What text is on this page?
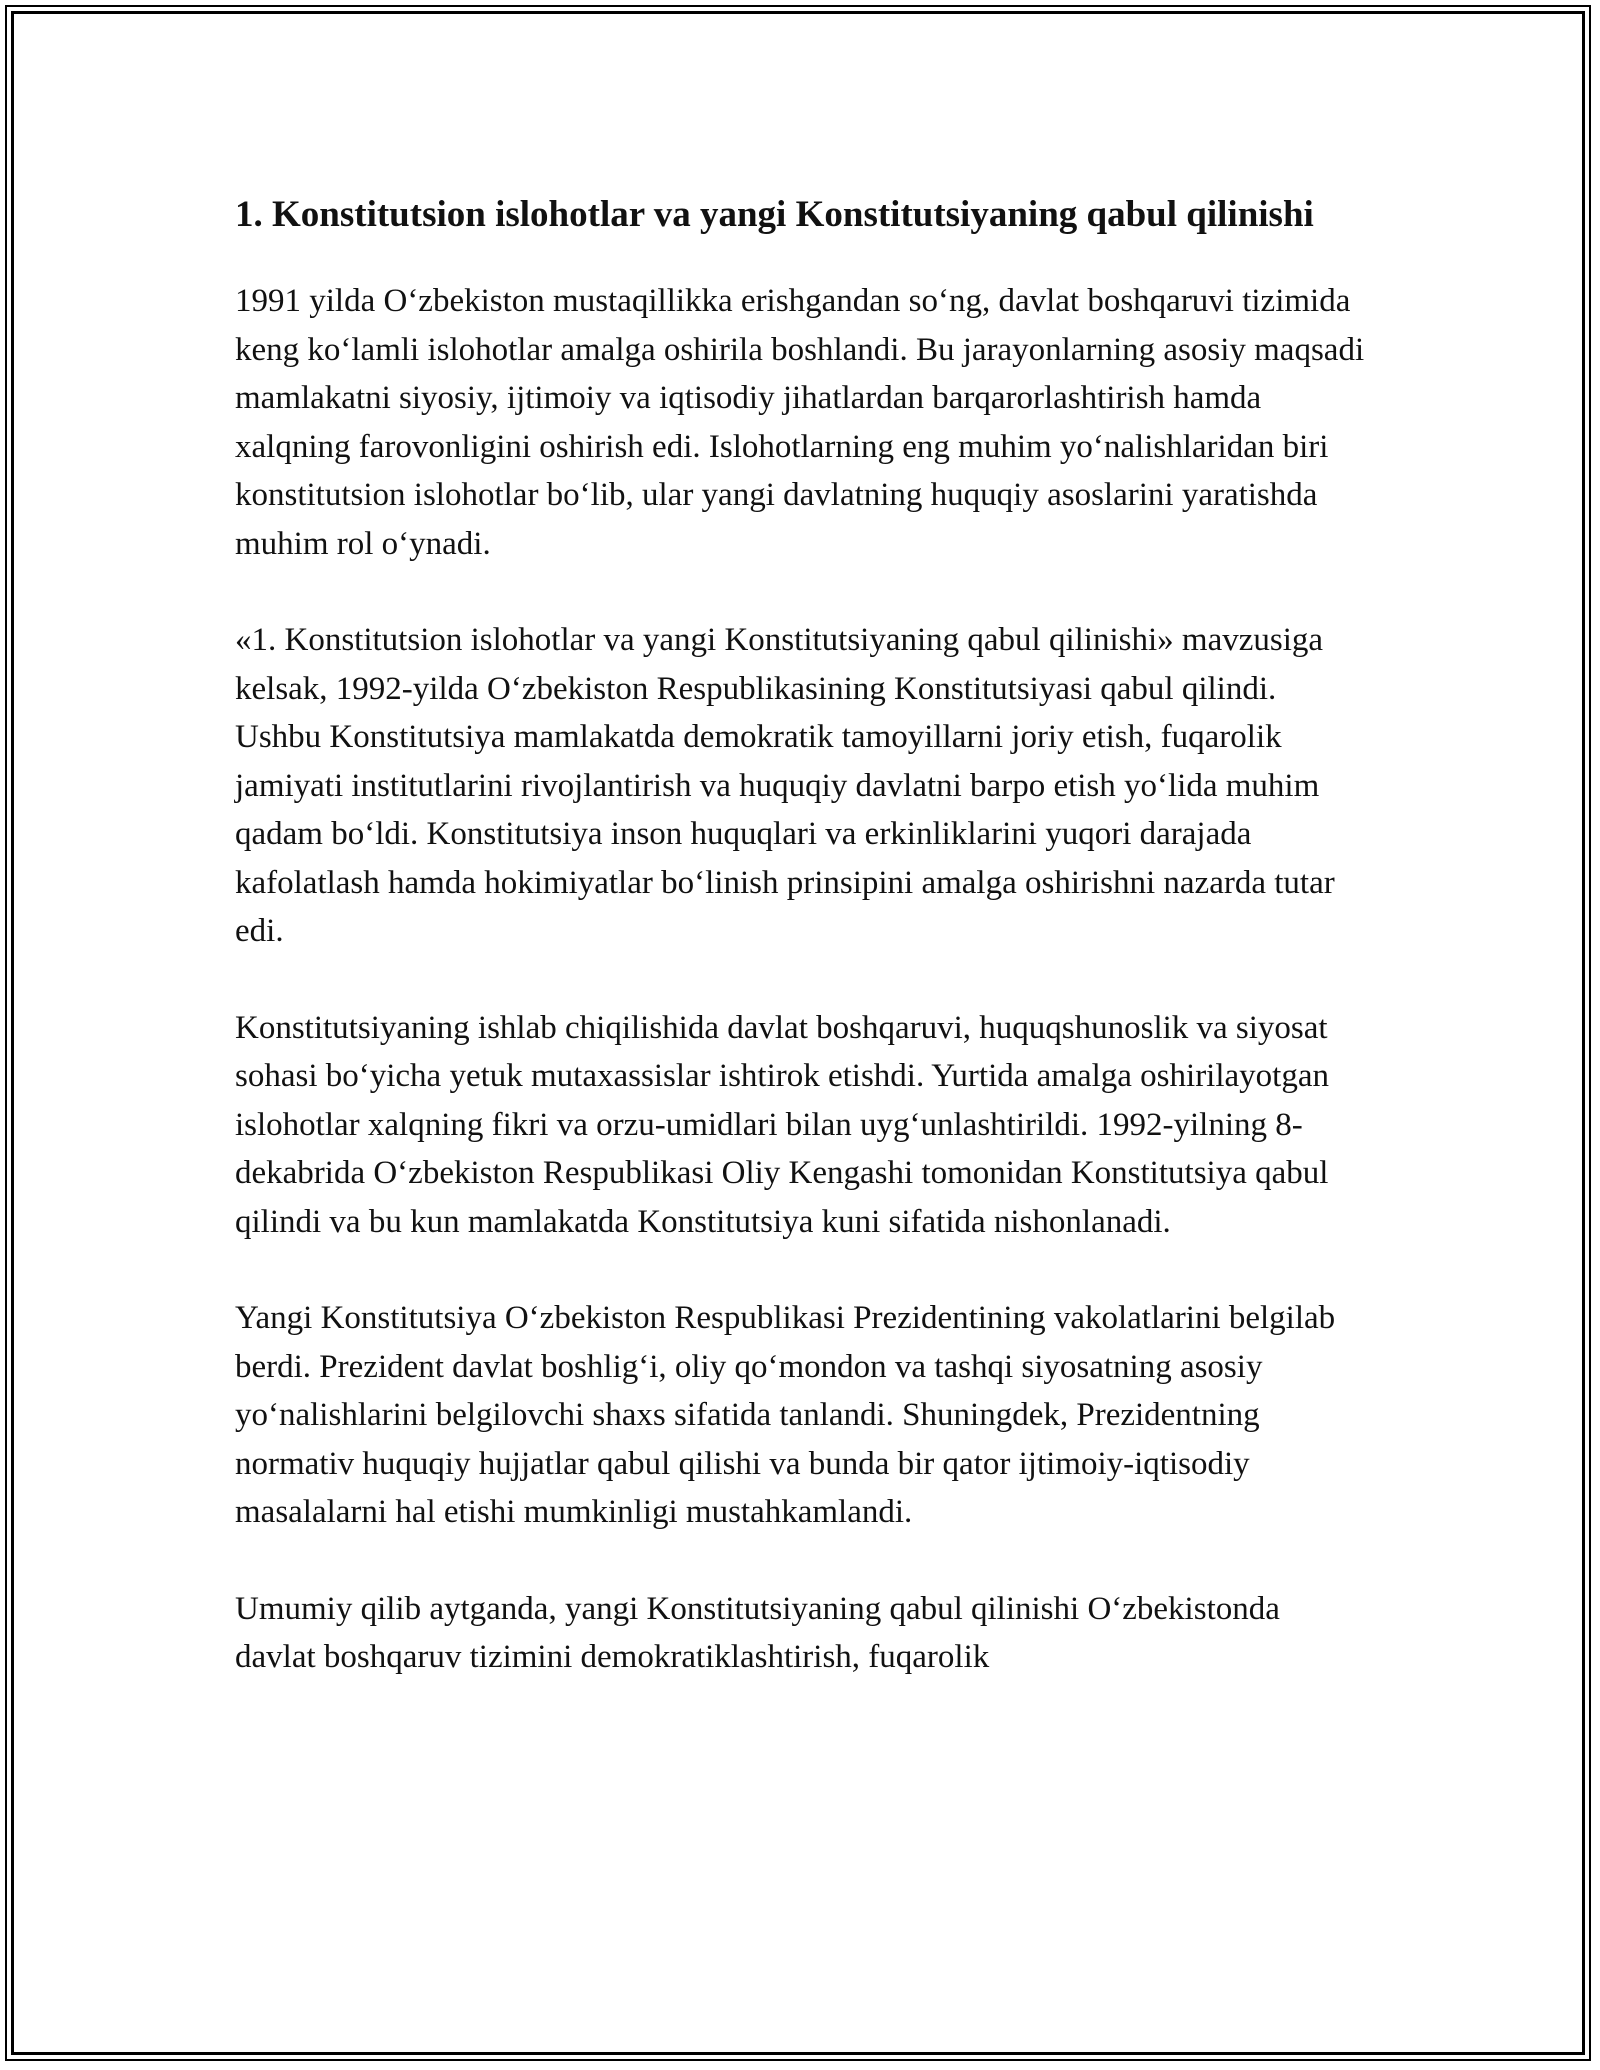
1. Konstitutsion islohotlar va yangi Konstitutsiyaning qabul qilinishi

1991 yilda O‘zbekiston mustaqillikka erishgandan so‘ng, davlat boshqaruvi tizimida keng ko‘lamli islohotlar amalga oshirila boshlandi. Bu jarayonlarning asosiy maqsadi mamlakatni siyosiy, ijtimoiy va iqtisodiy jihatlardan barqarorlashtirish hamda xalqning farovonligini oshirish edi. Islohotlarning eng muhim yo‘nalishlaridan biri konstitutsion islohotlar bo‘lib, ular yangi davlatning huquqiy asoslarini yaratishda muhim rol o‘ynadi.

«1. Konstitutsion islohotlar va yangi Konstitutsiyaning qabul qilinishi» mavzusiga kelsak, 1992-yilda O‘zbekiston Respublikasining Konstitutsiyasi qabul qilindi. Ushbu Konstitutsiya mamlakatda demokratik tamoyillarni joriy etish, fuqarolik jamiyati institutlarini rivojlantirish va huquqiy davlatni barpo etish yo‘lida muhim qadam bo‘ldi. Konstitutsiya inson huquqlari va erkinliklarini yuqori darajada kafolatlash hamda hokimiyatlar bo‘linish prinsipini amalga oshirishni nazarda tutar edi.

Konstitutsiyaning ishlab chiqilishida davlat boshqaruvi, huquqshunoslik va siyosat sohasi bo‘yicha yetuk mutaxassislar ishtirok etishdi. Yurtida amalga oshirilayotgan islohotlar xalqning fikri va orzu-umidlari bilan uyg‘unlashtirildi. 1992-yilning 8-dekabrida O‘zbekiston Respublikasi Oliy Kengashi tomonidan Konstitutsiya qabul qilindi va bu kun mamlakatda Konstitutsiya kuni sifatida nishonlanadi.

Yangi Konstitutsiya O‘zbekiston Respublikasi Prezidentining vakolatlarini belgilab berdi. Prezident davlat boshlig‘i, oliy qo‘mondon va tashqi siyosatning asosiy yo‘nalishlarini belgilovchi shaxs sifatida tanlandi. Shuningdek, Prezidentning normativ huquqiy hujjatlar qabul qilishi va bunda bir qator ijtimoiy-iqtisodiy masalalarni hal etishi mumkinligi mustahkamlandi.

Umumiy qilib aytganda, yangi Konstitutsiyaning qabul qilinishi O‘zbekistonda davlat boshqaruv tizimini demokratiklashtirish, fuqarolik
